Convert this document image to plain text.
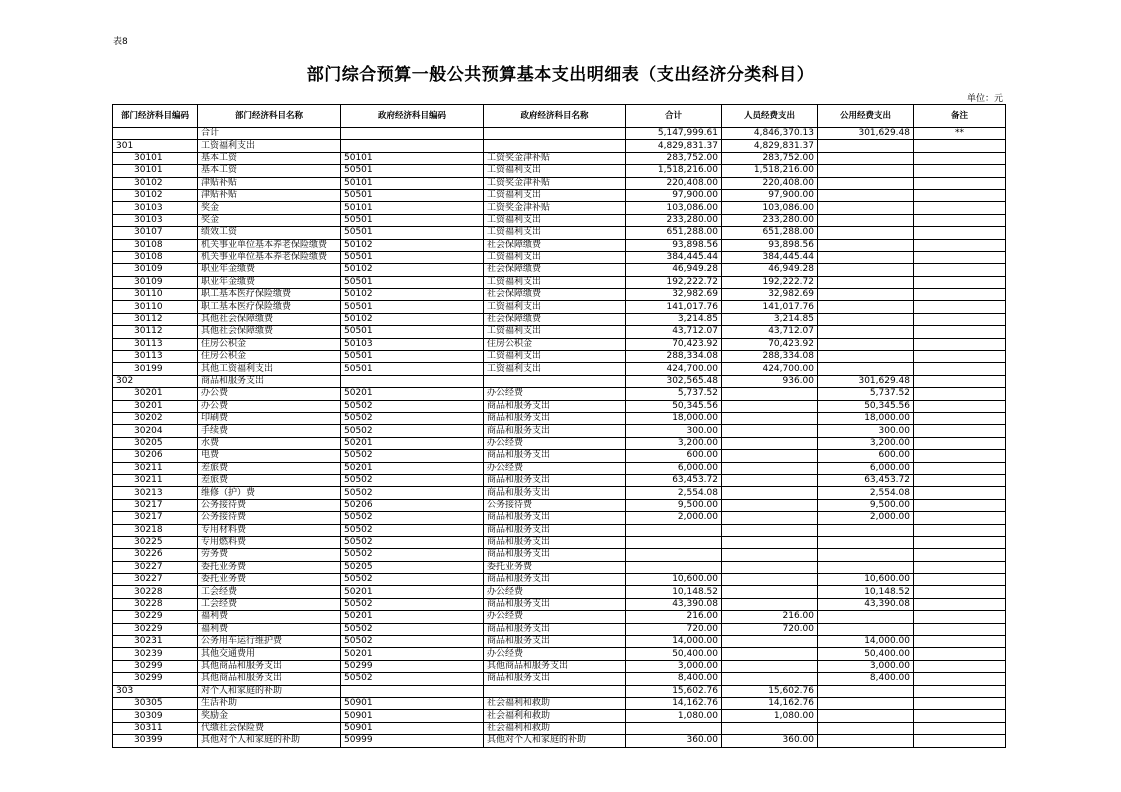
表8
部门综合预算一般公共预算基本支出明细表（支出经济分类科目）
单位：元
部门经济科目编码	部门经济科目名称	政府经济科目编码	政府经济科目名称	合计	人员经费支出	公用经费支出	备注
	合计			5,147,999.61	4,846,370.13	301,629.48	**
301	工资福利支出			4,829,831.37	4,829,831.37		
30101	基本工资	50101	工资奖金津补贴	283,752.00	283,752.00		
30101	基本工资	50501	工资福利支出	1,518,216.00	1,518,216.00		
30102	津贴补贴	50101	工资奖金津补贴	220,408.00	220,408.00		
30102	津贴补贴	50501	工资福利支出	97,900.00	97,900.00		
30103	奖金	50101	工资奖金津补贴	103,086.00	103,086.00		
30103	奖金	50501	工资福利支出	233,280.00	233,280.00		
30107	绩效工资	50501	工资福利支出	651,288.00	651,288.00		
30108	机关事业单位基本养老保险缴费	50102	社会保障缴费	93,898.56	93,898.56		
30108	机关事业单位基本养老保险缴费	50501	工资福利支出	384,445.44	384,445.44		
30109	职业年金缴费	50102	社会保障缴费	46,949.28	46,949.28		
30109	职业年金缴费	50501	工资福利支出	192,222.72	192,222.72		
30110	职工基本医疗保险缴费	50102	社会保障缴费	32,982.69	32,982.69		
30110	职工基本医疗保险缴费	50501	工资福利支出	141,017.76	141,017.76		
30112	其他社会保障缴费	50102	社会保障缴费	3,214.85	3,214.85		
30112	其他社会保障缴费	50501	工资福利支出	43,712.07	43,712.07		
30113	住房公积金	50103	住房公积金	70,423.92	70,423.92		
30113	住房公积金	50501	工资福利支出	288,334.08	288,334.08		
30199	其他工资福利支出	50501	工资福利支出	424,700.00	424,700.00		
302	商品和服务支出			302,565.48	936.00	301,629.48	
30201	办公费	50201	办公经费	5,737.52		5,737.52	
30201	办公费	50502	商品和服务支出	50,345.56		50,345.56	
30202	印刷费	50502	商品和服务支出	18,000.00		18,000.00	
30204	手续费	50502	商品和服务支出	300.00		300.00	
30205	水费	50201	办公经费	3,200.00		3,200.00	
30206	电费	50502	商品和服务支出	600.00		600.00	
30211	差旅费	50201	办公经费	6,000.00		6,000.00	
30211	差旅费	50502	商品和服务支出	63,453.72		63,453.72	
30213	维修（护）费	50502	商品和服务支出	2,554.08		2,554.08	
30217	公务接待费	50206	公务接待费	9,500.00		9,500.00	
30217	公务接待费	50502	商品和服务支出	2,000.00		2,000.00	
30218	专用材料费	50502	商品和服务支出				
30225	专用燃料费	50502	商品和服务支出				
30226	劳务费	50502	商品和服务支出				
30227	委托业务费	50205	委托业务费				
30227	委托业务费	50502	商品和服务支出	10,600.00		10,600.00	
30228	工会经费	50201	办公经费	10,148.52		10,148.52	
30228	工会经费	50502	商品和服务支出	43,390.08		43,390.08	
30229	福利费	50201	办公经费	216.00	216.00		
30229	福利费	50502	商品和服务支出	720.00	720.00		
30231	公务用车运行维护费	50502	商品和服务支出	14,000.00		14,000.00	
30239	其他交通费用	50201	办公经费	50,400.00		50,400.00	
30299	其他商品和服务支出	50299	其他商品和服务支出	3,000.00		3,000.00	
30299	其他商品和服务支出	50502	商品和服务支出	8,400.00		8,400.00	
303	对个人和家庭的补助			15,602.76	15,602.76		
30305	生活补助	50901	社会福利和救助	14,162.76	14,162.76		
30309	奖励金	50901	社会福利和救助	1,080.00	1,080.00		
30311	代缴社会保险费	50901	社会福利和救助				
30399	其他对个人和家庭的补助	50999	其他对个人和家庭的补助	360.00	360.00		
